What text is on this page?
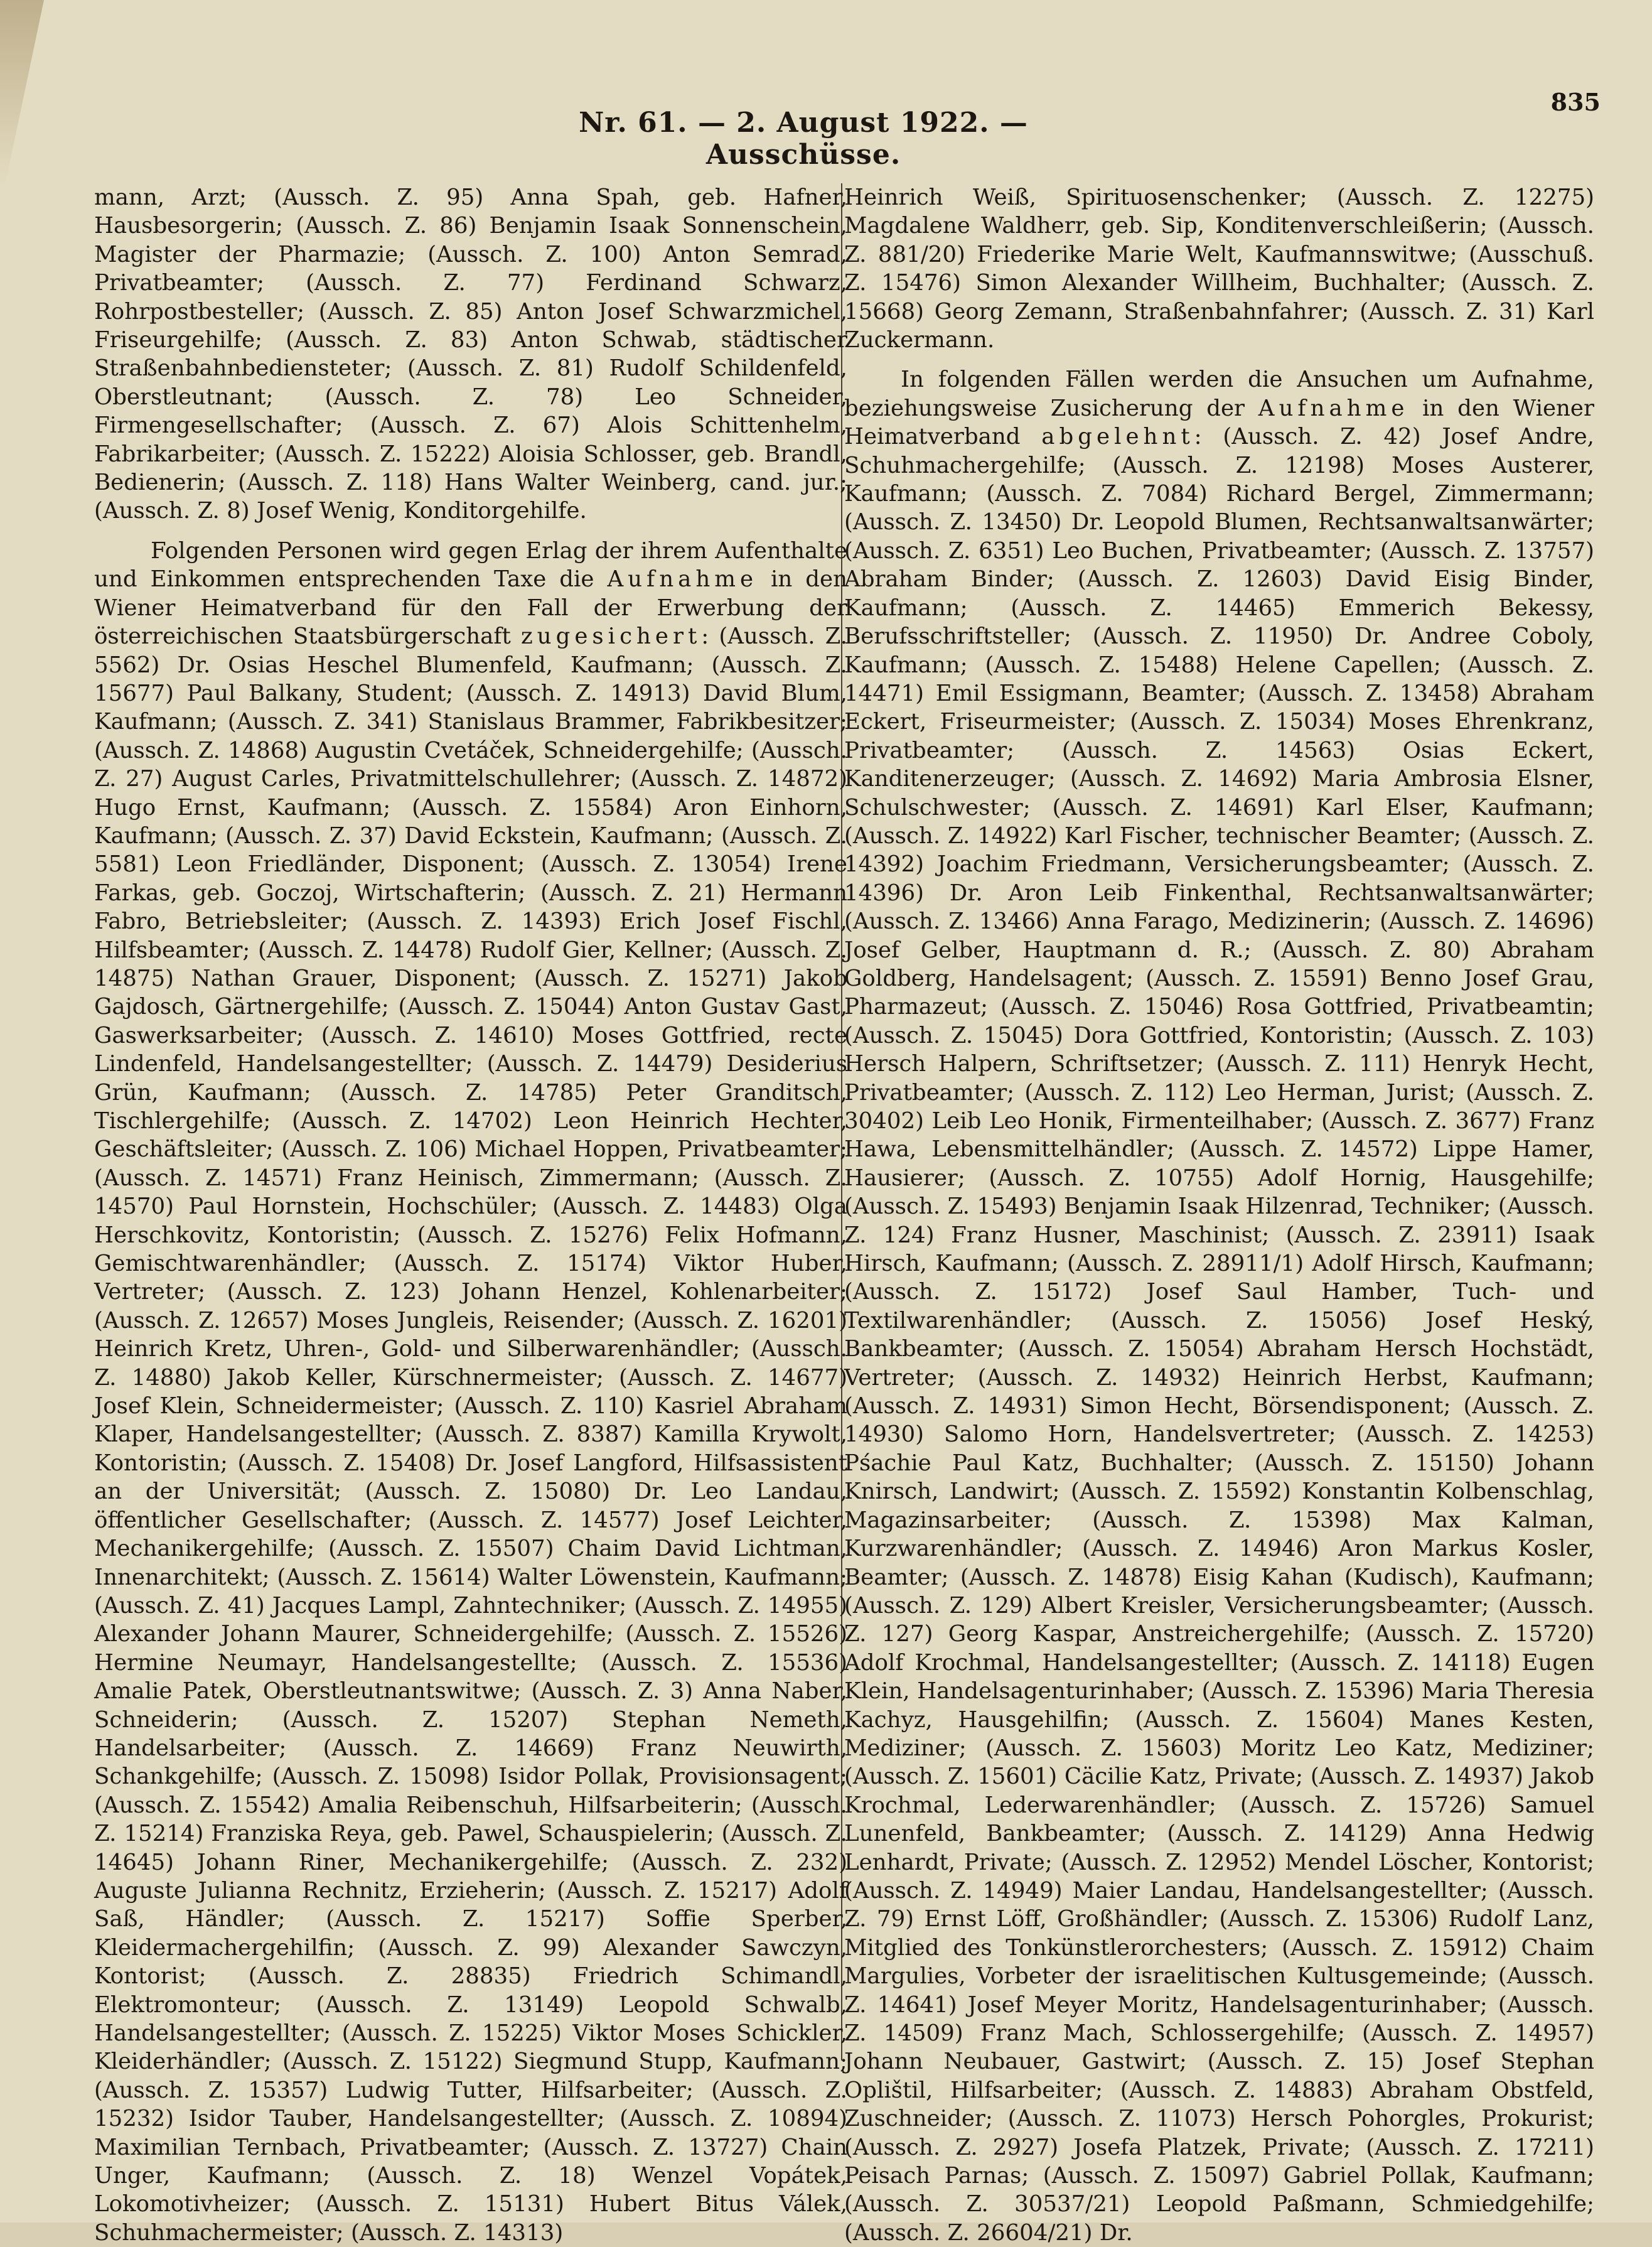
Nr. 61. — 2. August 1922. — Ausschüsse.
835

mann, Arzt; (Aussch. Z. 95) Anna Spah, geb. Hafner, Hausbesorgerin; (Aussch. Z. 86) Benjamin Isaak Sonnenschein, Magister der Pharmazie; (Aussch. Z. 100) Anton Semrad, Privatbeamter; (Aussch. Z. 77) Ferdinand Schwarz, Rohrpostbesteller; (Aussch. Z. 85) Anton Josef Schwarzmichel, Friseurgehilfe; (Aussch. Z. 83) Anton Schwab, städtischer Straßenbahnbediensteter; (Aussch. Z. 81) Rudolf Schildenfeld, Oberstleutnant; (Aussch. Z. 78) Leo Schneider, Firmengesellschafter; (Aussch. Z. 67) Alois Schittenhelm, Fabrikarbeiter; (Aussch. Z. 15222) Aloisia Schlosser, geb. Brandl, Bedienerin; (Aussch. Z. 118) Hans Walter Weinberg, cand. jur.; (Aussch. Z. 8) Josef Wenig, Konditorgehilfe.

Folgenden Personen wird gegen Erlag der ihrem Aufenthalte und Einkommen entsprechenden Taxe die Aufnahme in den Wiener Heimatverband für den Fall der Erwerbung der österreichischen Staatsbürgerschaft zugesichert: (Aussch. Z. 5562) Dr. Osias Heschel Blumenfeld, Kaufmann; (Aussch. Z. 15677) Paul Balkany, Student; (Aussch. Z. 14913) David Blum, Kaufmann; (Aussch. Z. 341) Stanislaus Brammer, Fabrikbesitzer; (Aussch. Z. 14868) Augustin Cvetáček, Schneidergehilfe; (Aussch. Z. 27) August Carles, Privatmittelschullehrer; (Aussch. Z. 14872) Hugo Ernst, Kaufmann; (Aussch. Z. 15584) Aron Einhorn, Kaufmann; (Aussch. Z. 37) David Eckstein, Kaufmann; (Aussch. Z. 5581) Leon Friedländer, Disponent; (Aussch. Z. 13054) Irene Farkas, geb. Goczoj, Wirtschafterin; (Aussch. Z. 21) Hermann Fabro, Betriebsleiter; (Aussch. Z. 14393) Erich Josef Fischl, Hilfsbeamter; (Aussch. Z. 14478) Rudolf Gier, Kellner; (Aussch. Z. 14875) Nathan Grauer, Disponent; (Aussch. Z. 15271) Jakob Gajdosch, Gärtnergehilfe; (Aussch. Z. 15044) Anton Gustav Gast, Gaswerksarbeiter; (Aussch. Z. 14610) Moses Gottfried, recte Lindenfeld, Handelsangestellter; (Aussch. Z. 14479) Desiderius Grün, Kaufmann; (Aussch. Z. 14785) Peter Granditsch, Tischlergehilfe; (Aussch. Z. 14702) Leon Heinrich Hechter, Geschäftsleiter; (Aussch. Z. 106) Michael Hoppen, Privatbeamter; (Aussch. Z. 14571) Franz Heinisch, Zimmermann; (Aussch. Z. 14570) Paul Hornstein, Hochschüler; (Aussch. Z. 14483) Olga Herschkovitz, Kontoristin; (Aussch. Z. 15276) Felix Hofmann, Gemischtwarenhändler; (Aussch. Z. 15174) Viktor Huber, Vertreter; (Aussch. Z. 123) Johann Henzel, Kohlenarbeiter; (Aussch. Z. 12657) Moses Jungleis, Reisender; (Aussch. Z. 16201) Heinrich Kretz, Uhren-, Gold- und Silberwarenhändler; (Aussch. Z. 14880) Jakob Keller, Kürschnermeister; (Aussch. Z. 14677) Josef Klein, Schneidermeister; (Aussch. Z. 110) Kasriel Abraham Klaper, Handelsangestellter; (Aussch. Z. 8387) Kamilla Krywolt, Kontoristin; (Aussch. Z. 15408) Dr. Josef Langford, Hilfsassistent an der Universität; (Aussch. Z. 15080) Dr. Leo Landau, öffentlicher Gesellschafter; (Aussch. Z. 14577) Josef Leichter, Mechanikergehilfe; (Aussch. Z. 15507) Chaim David Lichtman, Innenarchitekt; (Aussch. Z. 15614) Walter Löwenstein, Kaufmann; (Aussch. Z. 41) Jacques Lampl, Zahntechniker; (Aussch. Z. 14955) Alexander Johann Maurer, Schneidergehilfe; (Aussch. Z. 15526) Hermine Neumayr, Handelsangestellte; (Aussch. Z. 15536) Amalie Patek, Oberstleutnantswitwe; (Aussch. Z. 3) Anna Naber, Schneiderin; (Aussch. Z. 15207) Stephan Nemeth, Handelsarbeiter; (Aussch. Z. 14669) Franz Neuwirth, Schankgehilfe; (Aussch. Z. 15098) Isidor Pollak, Provisionsagent; (Aussch. Z. 15542) Amalia Reibenschuh, Hilfsarbeiterin; (Aussch. Z. 15214) Franziska Reya, geb. Pawel, Schauspielerin; (Aussch. Z. 14645) Johann Riner, Mechanikergehilfe; (Aussch. Z. 232) Auguste Julianna Rechnitz, Erzieherin; (Aussch. Z. 15217) Adolf Saß, Händler; (Aussch. Z. 15217) Soffie Sperber, Kleidermachergehilfin; (Aussch. Z. 99) Alexander Sawczyn, Kontorist; (Aussch. Z. 28835) Friedrich Schimandl, Elektromonteur; (Aussch. Z. 13149) Leopold Schwalb, Handelsangestellter; (Aussch. Z. 15225) Viktor Moses Schickler, Kleiderhändler; (Aussch. Z. 15122) Siegmund Stupp, Kaufmann; (Aussch. Z. 15357) Ludwig Tutter, Hilfsarbeiter; (Aussch. Z. 15232) Isidor Tauber, Handelsangestellter; (Aussch. Z. 10894) Maximilian Ternbach, Privatbeamter; (Aussch. Z. 13727) Chain Unger, Kaufmann; (Aussch. Z. 18) Wenzel Vopátek, Lokomotivheizer; (Aussch. Z. 15131) Hubert Bitus Válek, Schuhmachermeister; (Aussch. Z. 14313)

Heinrich Weiß, Spirituosenschenker; (Aussch. Z. 12275) Magdalene Waldherr, geb. Sip, Konditenverschleißerin; (Aussch. Z. 881/20) Friederike Marie Welt, Kaufmannswitwe; (Ausschuß. Z. 15476) Simon Alexander Willheim, Buchhalter; (Aussch. Z. 15668) Georg Zemann, Straßenbahnfahrer; (Aussch. Z. 31) Karl Zuckermann.

In folgenden Fällen werden die Ansuchen um Aufnahme, beziehungsweise Zusicherung der Aufnahme in den Wiener Heimatverband abgelehnt: (Aussch. Z. 42) Josef Andre, Schuhmachergehilfe; (Aussch. Z. 12198) Moses Austerer, Kaufmann; (Aussch. Z. 7084) Richard Bergel, Zimmermann; (Aussch. Z. 13450) Dr. Leopold Blumen, Rechtsanwaltsanwärter; (Aussch. Z. 6351) Leo Buchen, Privatbeamter; (Aussch. Z. 13757) Abraham Binder; (Aussch. Z. 12603) David Eisig Binder, Kaufmann; (Aussch. Z. 14465) Emmerich Bekessy, Berufsschriftsteller; (Aussch. Z. 11950) Dr. Andree Coboly, Kaufmann; (Aussch. Z. 15488) Helene Capellen; (Aussch. Z. 14471) Emil Essigmann, Beamter; (Aussch. Z. 13458) Abraham Eckert, Friseurmeister; (Aussch. Z. 15034) Moses Ehrenkranz, Privatbeamter; (Aussch. Z. 14563) Osias Eckert, Kanditenerzeuger; (Aussch. Z. 14692) Maria Ambrosia Elsner, Schulschwester; (Aussch. Z. 14691) Karl Elser, Kaufmann; (Aussch. Z. 14922) Karl Fischer, technischer Beamter; (Aussch. Z. 14392) Joachim Friedmann, Versicherungsbeamter; (Aussch. Z. 14396) Dr. Aron Leib Finkenthal, Rechtsanwaltsanwärter; (Aussch. Z. 13466) Anna Farago, Medizinerin; (Aussch. Z. 14696) Josef Gelber, Hauptmann d. R.; (Aussch. Z. 80) Abraham Goldberg, Handelsagent; (Aussch. Z. 15591) Benno Josef Grau, Pharmazeut; (Aussch. Z. 15046) Rosa Gottfried, Privatbeamtin; (Aussch. Z. 15045) Dora Gottfried, Kontoristin; (Aussch. Z. 103) Hersch Halpern, Schriftsetzer; (Aussch. Z. 111) Henryk Hecht, Privatbeamter; (Aussch. Z. 112) Leo Herman, Jurist; (Aussch. Z. 30402) Leib Leo Honik, Firmenteilhaber; (Aussch. Z. 3677) Franz Hawa, Lebensmittelhändler; (Aussch. Z. 14572) Lippe Hamer, Hausierer; (Aussch. Z. 10755) Adolf Hornig, Hausgehilfe; (Aussch. Z. 15493) Benjamin Isaak Hilzenrad, Techniker; (Aussch. Z. 124) Franz Husner, Maschinist; (Aussch. Z. 23911) Isaak Hirsch, Kaufmann; (Aussch. Z. 28911/1) Adolf Hirsch, Kaufmann; (Aussch. Z. 15172) Josef Saul Hamber, Tuch- und Textilwarenhändler; (Aussch. Z. 15056) Josef Heský, Bankbeamter; (Aussch. Z. 15054) Abraham Hersch Hochstädt, Vertreter; (Aussch. Z. 14932) Heinrich Herbst, Kaufmann; (Aussch. Z. 14931) Simon Hecht, Börsendisponent; (Aussch. Z. 14930) Salomo Horn, Handelsvertreter; (Aussch. Z. 14253) Pśachie Paul Katz, Buchhalter; (Aussch. Z. 15150) Johann Knirsch, Landwirt; (Aussch. Z. 15592) Konstantin Kolbenschlag, Magazinsarbeiter; (Aussch. Z. 15398) Max Kalman, Kurzwarenhändler; (Aussch. Z. 14946) Aron Markus Kosler, Beamter; (Aussch. Z. 14878) Eisig Kahan (Kudisch), Kaufmann; (Aussch. Z. 129) Albert Kreisler, Versicherungsbeamter; (Aussch. Z. 127) Georg Kaspar, Anstreichergehilfe; (Aussch. Z. 15720) Adolf Krochmal, Handelsangestellter; (Aussch. Z. 14118) Eugen Klein, Handelsagenturinhaber; (Aussch. Z. 15396) Maria Theresia Kachyz, Hausgehilfin; (Aussch. Z. 15604) Manes Kesten, Mediziner; (Aussch. Z. 15603) Moritz Leo Katz, Mediziner; (Aussch. Z. 15601) Cäcilie Katz, Private; (Aussch. Z. 14937) Jakob Krochmal, Lederwarenhändler; (Aussch. Z. 15726) Samuel Lunenfeld, Bankbeamter; (Aussch. Z. 14129) Anna Hedwig Lenhardt, Private; (Aussch. Z. 12952) Mendel Löscher, Kontorist; (Aussch. Z. 14949) Maier Landau, Handelsangestellter; (Aussch. Z. 79) Ernst Löff, Großhändler; (Aussch. Z. 15306) Rudolf Lanz, Mitglied des Tonkünstlerorchesters; (Aussch. Z. 15912) Chaim Margulies, Vorbeter der israelitischen Kultusgemeinde; (Aussch. Z. 14641) Josef Meyer Moritz, Handelsagenturinhaber; (Aussch. Z. 14509) Franz Mach, Schlossergehilfe; (Aussch. Z. 14957) Johann Neubauer, Gastwirt; (Aussch. Z. 15) Josef Stephan Oplištil, Hilfsarbeiter; (Aussch. Z. 14883) Abraham Obstfeld, Zuschneider; (Aussch. Z. 11073) Hersch Pohorgles, Prokurist; (Aussch. Z. 2927) Josefa Platzek, Private; (Aussch. Z. 17211) Peisach Parnas; (Aussch. Z. 15097) Gabriel Pollak, Kaufmann; (Aussch. Z. 30537/21) Leopold Paßmann, Schmiedgehilfe; (Aussch. Z. 26604/21) Dr.
